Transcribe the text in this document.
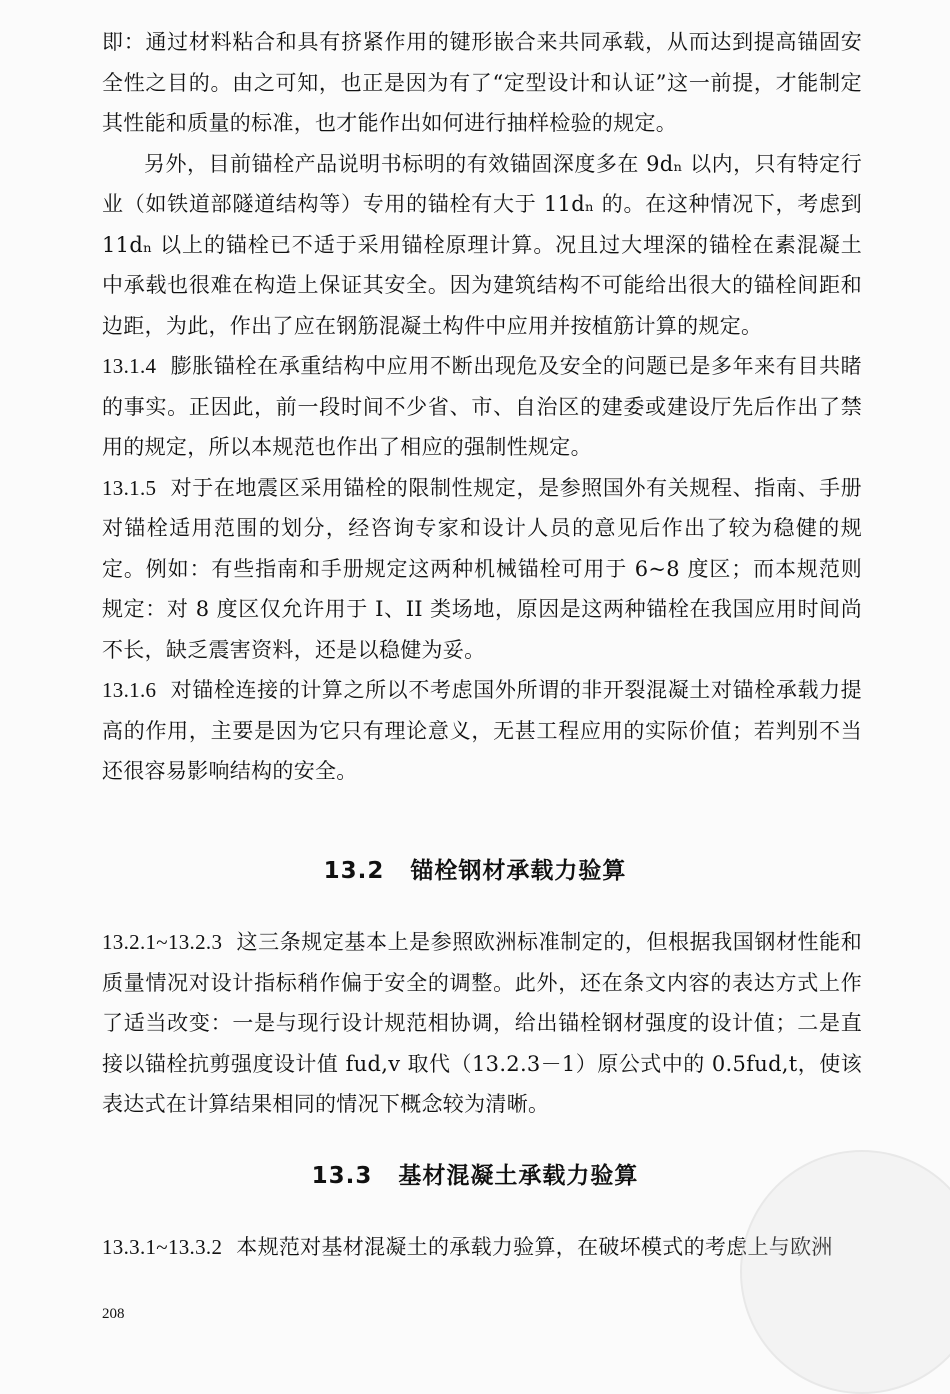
即：通过材料粘合和具有挤紧作用的键形嵌合来共同承载，从而达到提高锚固安全性之目的。由之可知，也正是因为有了“定型设计和认证”这一前提，才能制定其性能和质量的标准，也才能作出如何进行抽样检验的规定。

另外，目前锚栓产品说明书标明的有效锚固深度多在 9dₙ 以内，只有特定行业（如铁道部隧道结构等）专用的锚栓有大于 11dₙ 的。在这种情况下，考虑到 11dₙ 以上的锚栓已不适于采用锚栓原理计算。况且过大埋深的锚栓在素混凝土中承载也很难在构造上保证其安全。因为建筑结构不可能给出很大的锚栓间距和边距，为此，作出了应在钢筋混凝土构件中应用并按植筋计算的规定。

13.1.4 膨胀锚栓在承重结构中应用不断出现危及安全的问题已是多年来有目共睹的事实。正因此，前一段时间不少省、市、自治区的建委或建设厅先后作出了禁用的规定，所以本规范也作出了相应的强制性规定。

13.1.5 对于在地震区采用锚栓的限制性规定，是参照国外有关规程、指南、手册对锚栓适用范围的划分，经咨询专家和设计人员的意见后作出了较为稳健的规定。例如：有些指南和手册规定这两种机械锚栓可用于 6~8 度区；而本规范则规定：对 8 度区仅允许用于 I、II 类场地，原因是这两种锚栓在我国应用时间尚不长，缺乏震害资料，还是以稳健为妥。

13.1.6 对锚栓连接的计算之所以不考虑国外所谓的非开裂混凝土对锚栓承载力提高的作用，主要是因为它只有理论意义，无甚工程应用的实际价值；若判别不当还很容易影响结构的安全。

13.2 锚栓钢材承载力验算

13.2.1~13.2.3 这三条规定基本上是参照欧洲标准制定的，但根据我国钢材性能和质量情况对设计指标稍作偏于安全的调整。此外，还在条文内容的表达方式上作了适当改变：一是与现行设计规范相协调，给出锚栓钢材强度的设计值；二是直接以锚栓抗剪强度设计值 fud,v 取代（13.2.3－1）原公式中的 0.5fud,t，使该表达式在计算结果相同的情况下概念较为清晰。

13.3 基材混凝土承载力验算

13.3.1~13.3.2 本规范对基材混凝土的承载力验算，在破坏模式的考虑上与欧洲

208
